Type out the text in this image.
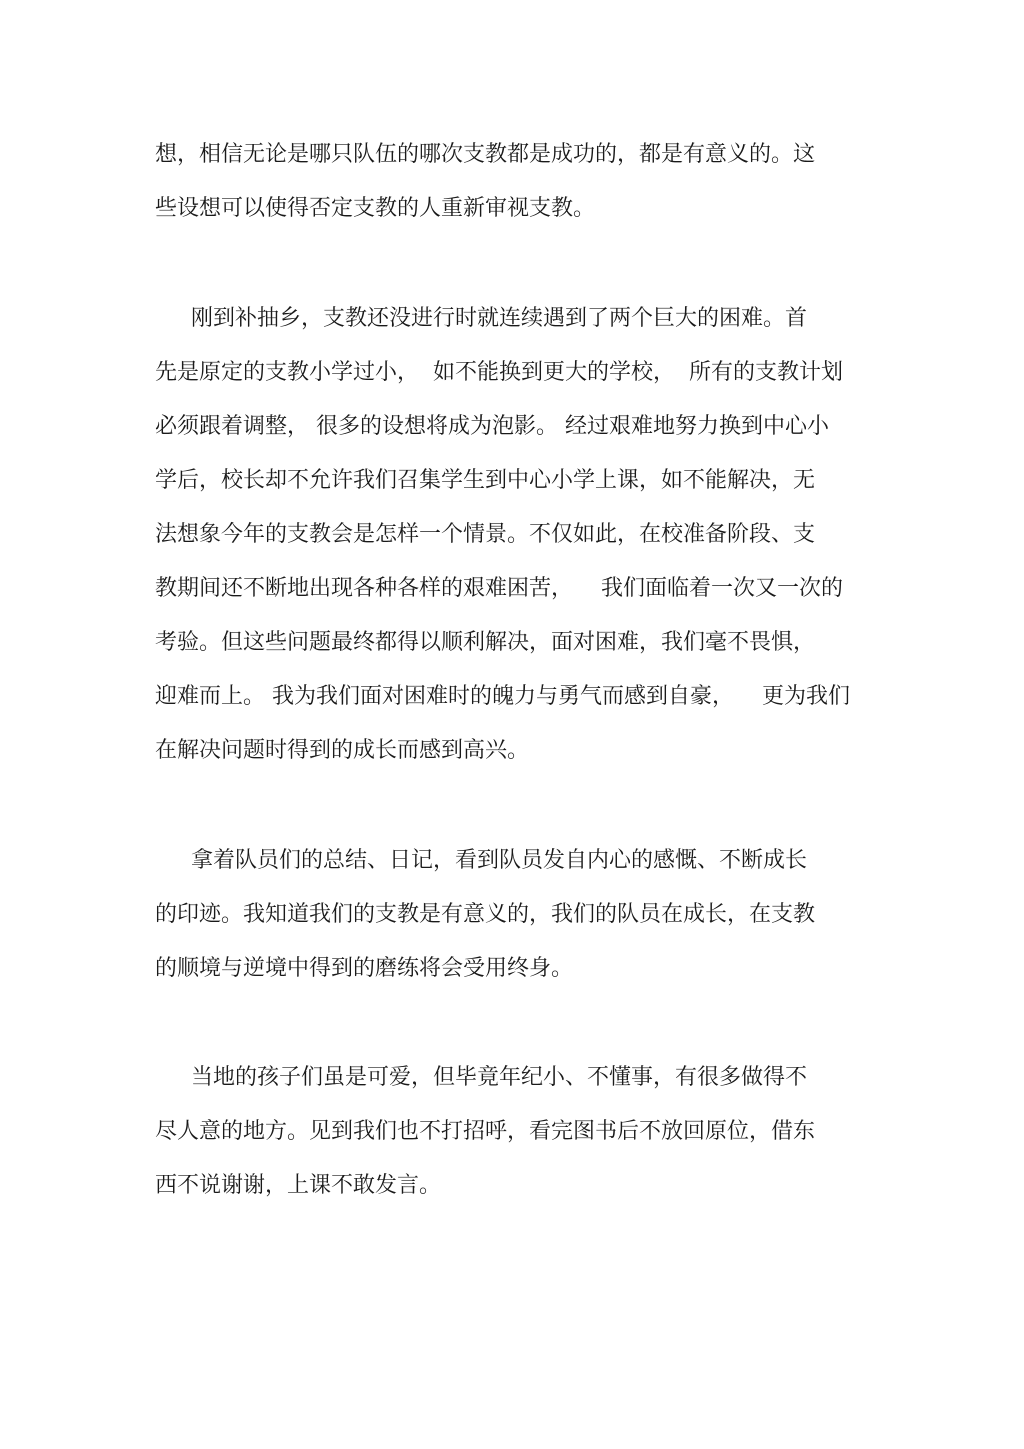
想，相信无论是哪只队伍的哪次支教都是成功的，都是有意义的。这
些设想可以使得否定支教的人重新审视支教。
刚到补抽乡，支教还没进行时就连续遇到了两个巨大的困难。首
先是原定的支教小学过小，  如不能换到更大的学校，  所有的支教计划
必须跟着调整， 很多的设想将成为泡影。 经过艰难地努力换到中心小
学后，校长却不允许我们召集学生到中心小学上课，如不能解决，无
法想象今年的支教会是怎样一个情景。不仅如此，在校准备阶段、支
教期间还不断地出现各种各样的艰难困苦，    我们面临着一次又一次的
考验。但这些问题最终都得以顺利解决，面对困难，我们毫不畏惧，
迎难而上。 我为我们面对困难时的魄力与勇气而感到自豪，    更为我们
在解决问题时得到的成长而感到高兴。
拿着队员们的总结、日记，看到队员发自内心的感慨、不断成长
的印迹。我知道我们的支教是有意义的，我们的队员在成长，在支教
的顺境与逆境中得到的磨练将会受用终身。
当地的孩子们虽是可爱，但毕竟年纪小、不懂事，有很多做得不
尽人意的地方。见到我们也不打招呼，看完图书后不放回原位，借东
西不说谢谢，上课不敢发言。
